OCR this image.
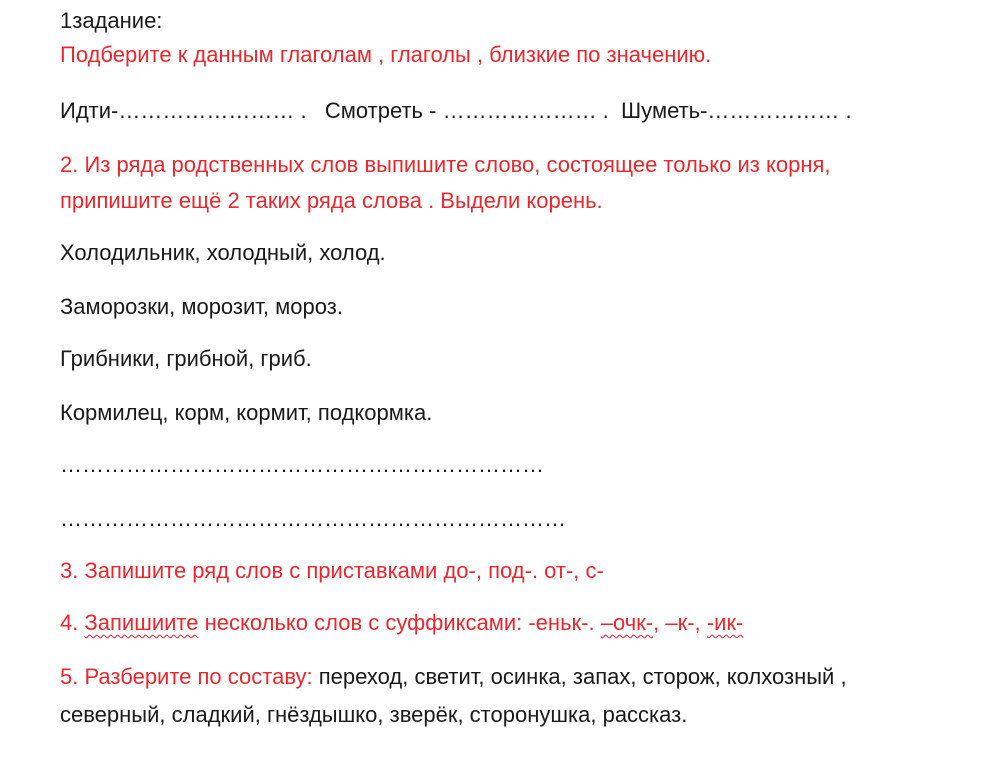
1задание:
Подберите к данным глаголам , глаголы , близкие по значению.
Идти-…………………… .   Смотреть - ………………… .  Шуметь-……………… .
2. Из ряда родственных слов выпишите слово, состоящее только из корня,
припишите ещё 2 таких ряда слова . Выдели корень.
Холодильник, холодный, холод.
Заморозки, морозит, мороз.
Грибники, грибной, гриб.
Кормилец, корм, кормит, подкормка.
…………………………………………………………
……………………………………………………………
3. Запишите ряд слов с приставками до-, под-. от-, с-
4. Запишиите несколько слов с суффиксами: -еньк-. –очк-, –к-, -ик-
5. Разберите по составу: переход, светит, осинка, запах, сторож, колхозный ,
северный, сладкий, гнёздышко, зверёк, сторонушка, рассказ.
